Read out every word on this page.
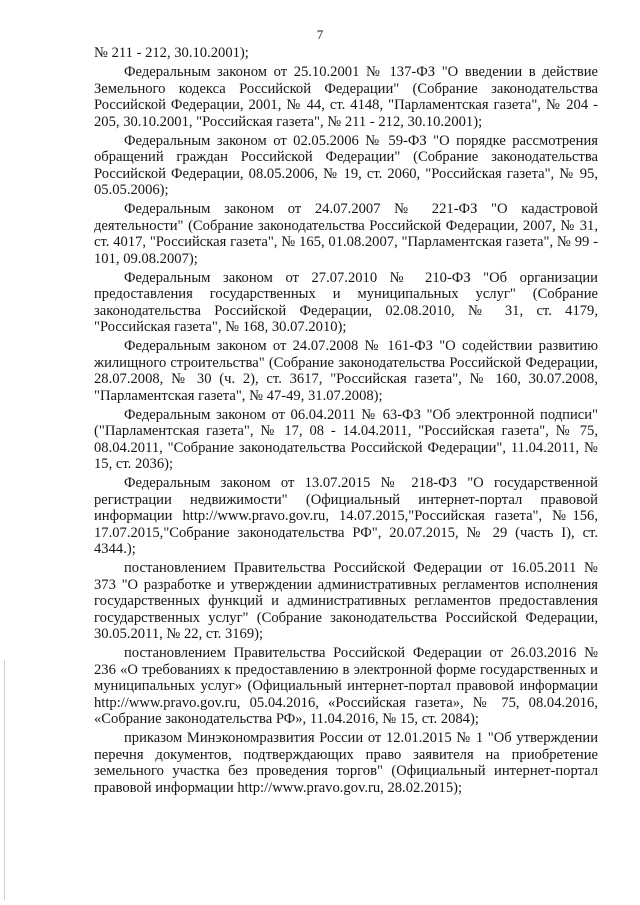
7

№ 211 - 212, 30.10.2001);

Федеральным законом от 25.10.2001 № 137-ФЗ "О введении в действие Земельного кодекса Российской Федерации" (Собрание законодательства Российской Федерации, 2001, № 44, ст. 4148, "Парламентская газета", № 204 - 205, 30.10.2001, "Российская газета", № 211 - 212, 30.10.2001);

Федеральным законом от 02.05.2006 № 59-ФЗ "О порядке рассмотрения обращений граждан Российской Федерации" (Собрание законодательства Российской Федерации, 08.05.2006, № 19, ст. 2060, "Российская газета", № 95, 05.05.2006);

Федеральным законом от 24.07.2007 № 221-ФЗ "О кадастровой деятельности" (Собрание законодательства Российской Федерации, 2007, № 31, ст. 4017, "Российская газета", № 165, 01.08.2007, "Парламентская газета", № 99 - 101, 09.08.2007);

Федеральным законом от 27.07.2010 № 210-ФЗ "Об организации предоставления государственных и муниципальных услуг" (Собрание законодательства Российской Федерации, 02.08.2010, № 31, ст. 4179, "Российская газета", № 168, 30.07.2010);

Федеральным законом от 24.07.2008 № 161-ФЗ "О содействии развитию жилищного строительства" (Собрание законодательства Российской Федерации, 28.07.2008, № 30 (ч. 2), ст. 3617, "Российская газета", № 160, 30.07.2008, "Парламентская газета", № 47-49, 31.07.2008);

Федеральным законом от 06.04.2011 № 63-ФЗ "Об электронной подписи" ("Парламентская газета", № 17, 08 - 14.04.2011, "Российская газета", № 75, 08.04.2011, "Собрание законодательства Российской Федерации", 11.04.2011, № 15, ст. 2036);

Федеральным законом от 13.07.2015 № 218-ФЗ "О государственной регистрации недвижимости" (Официальный интернет-портал правовой информации http://www.pravo.gov.ru, 14.07.2015,"Российская газета", №156, 17.07.2015,"Собрание законодательства РФ", 20.07.2015, № 29 (часть I), ст. 4344.);

постановлением Правительства Российской Федерации от 16.05.2011 № 373 "О разработке и утверждении административных регламентов исполнения государственных функций и административных регламентов предоставления государственных услуг" (Собрание законодательства Российской Федерации, 30.05.2011, № 22, ст. 3169);

постановлением Правительства Российской Федерации от 26.03.2016 № 236 «О требованиях к предоставлению в электронной форме государственных и муниципальных услуг» (Официальный интернет-портал правовой информации http://www.pravo.gov.ru, 05.04.2016, «Российская газета», № 75, 08.04.2016, «Собрание законодательства РФ», 11.04.2016, № 15, ст. 2084);

приказом Минэкономразвития России от 12.01.2015 № 1 "Об утверждении перечня документов, подтверждающих право заявителя на приобретение земельного участка без проведения торгов" (Официальный интернет-портал правовой информации http://www.pravo.gov.ru, 28.02.2015);
